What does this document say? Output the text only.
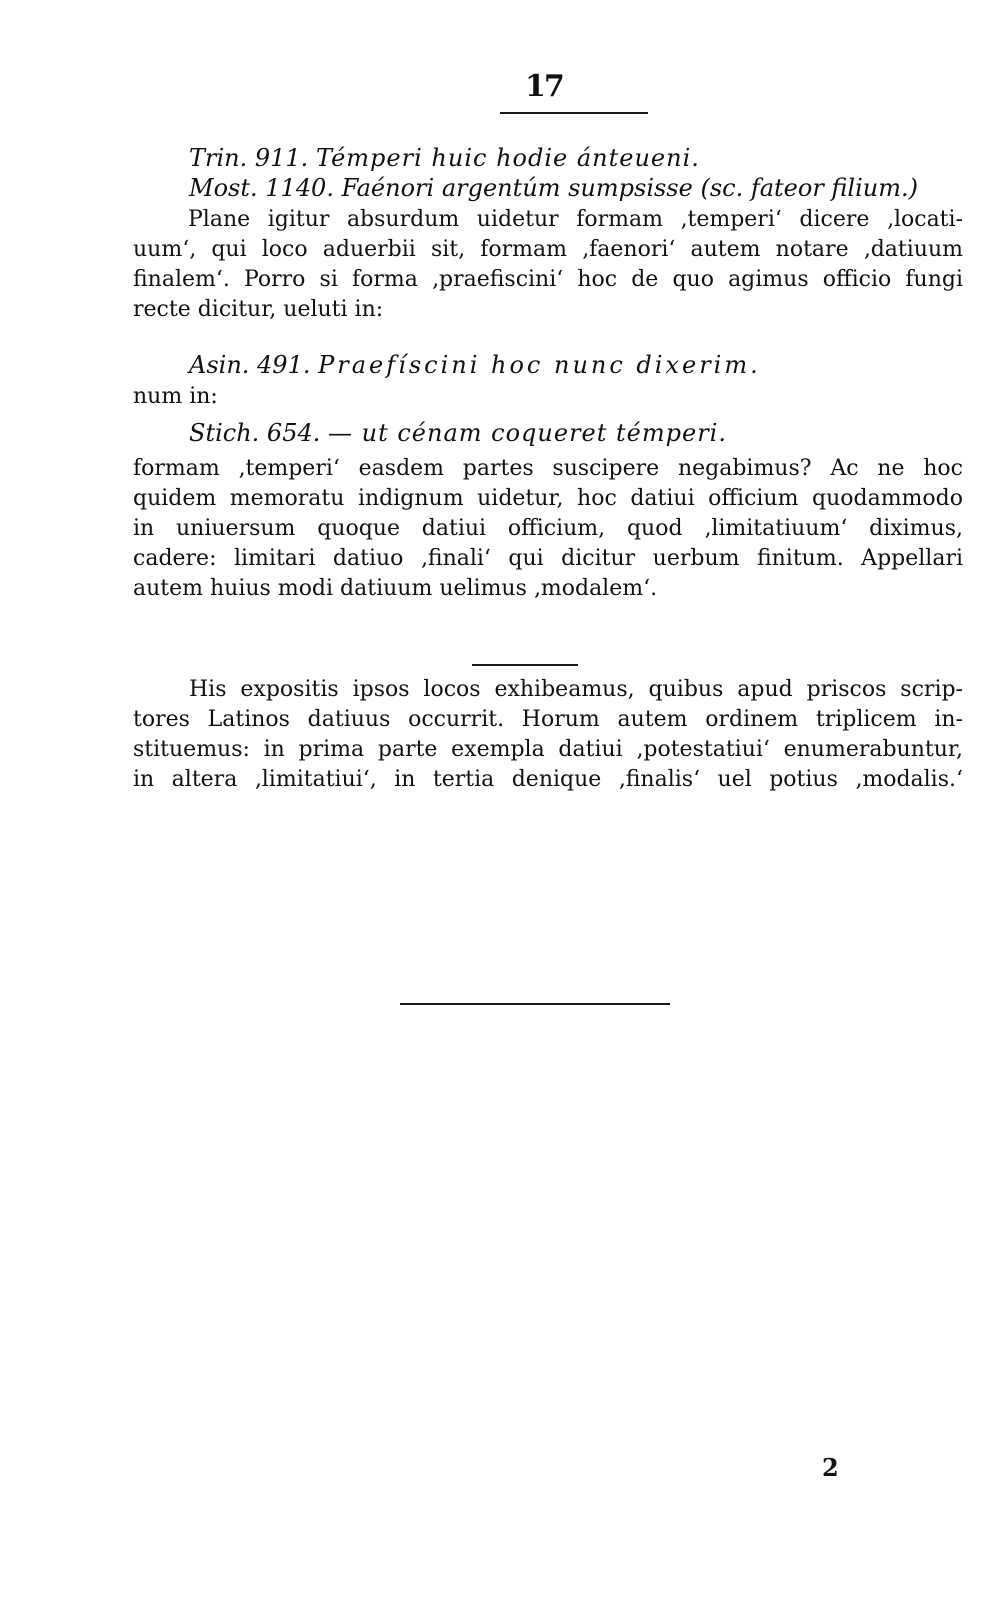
17
Trin. 911. Témperi huic hodie ánteueni.
Most. 1140. Faénori argentúm sumpsisse (sc. fateor filium.)
Plane igitur absurdum uidetur formam ‚temperi‘ dicere ‚locati-
uum‘, qui loco aduerbii sit, formam ‚faenori‘ autem notare ‚datiuum
finalem‘. Porro si forma ‚praefiscini‘ hoc de quo agimus officio fungi
recte dicitur, ueluti in:
Asin. 491. Praefíscini hoc nunc dixerim.
num in:
Stich. 654. — ut cénam coqueret témperi.
formam ‚temperi‘ easdem partes suscipere negabimus? Ac ne hoc
quidem memoratu indignum uidetur, hoc datiui officium quodammodo
in uniuersum quoque datiui officium, quod ‚limitatiuum‘ diximus,
cadere: limitari datiuo ‚finali‘ qui dicitur uerbum finitum. Appellari
autem huius modi datiuum uelimus ‚modalem‘.
His expositis ipsos locos exhibeamus, quibus apud priscos scrip-
tores Latinos datiuus occurrit. Horum autem ordinem triplicem in-
stituemus: in prima parte exempla datiui ‚potestatiui‘ enumerabuntur,
in altera ‚limitatiui‘, in tertia denique ‚finalis‘ uel potius ‚modalis.‘
2
